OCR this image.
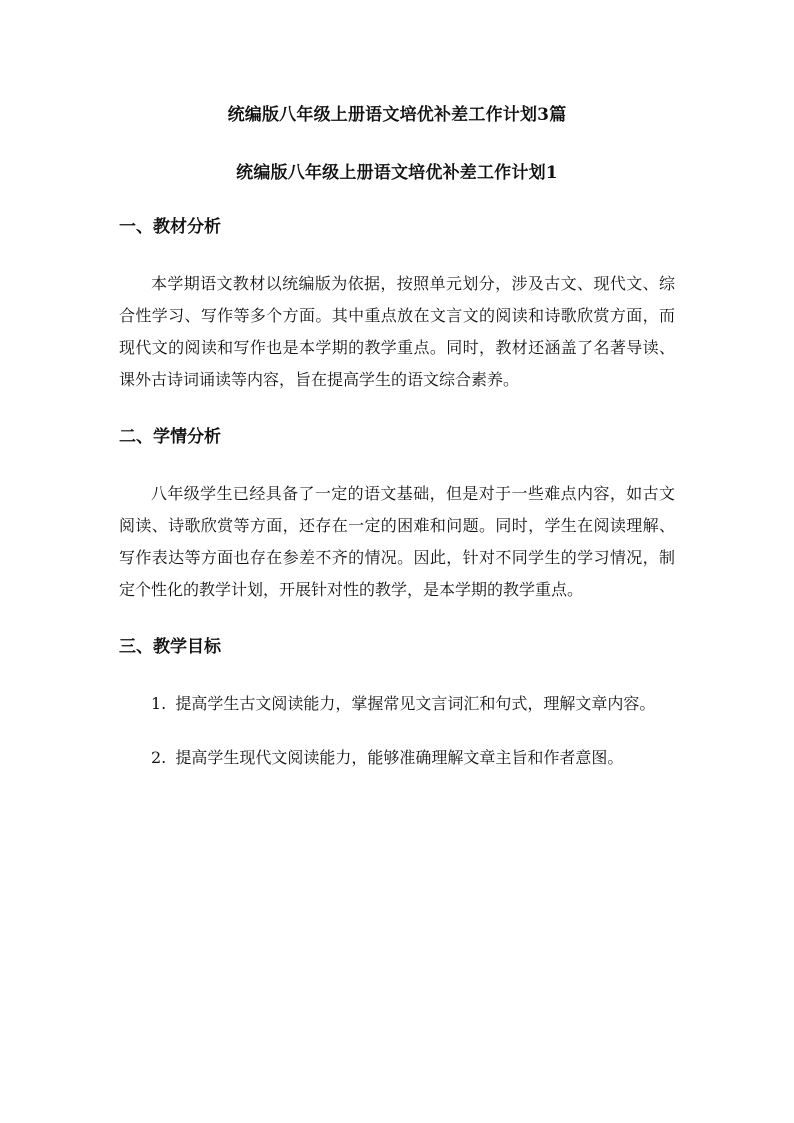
统编版八年级上册语文培优补差工作计划3篇
统编版八年级上册语文培优补差工作计划1
一、教材分析

本学期语文教材以统编版为依据，按照单元划分，涉及古文、现代文、综合性学习、写作等多个方面。其中重点放在文言文的阅读和诗歌欣赏方面，而现代文的阅读和写作也是本学期的教学重点。同时，教材还涵盖了名著导读、课外古诗词诵读等内容，旨在提高学生的语文综合素养。

二、学情分析

八年级学生已经具备了一定的语文基础，但是对于一些难点内容，如古文阅读、诗歌欣赏等方面，还存在一定的困难和问题。同时，学生在阅读理解、写作表达等方面也存在参差不齐的情况。因此，针对不同学生的学习情况，制定个性化的教学计划，开展针对性的教学，是本学期的教学重点。

三、教学目标

1. 提高学生古文阅读能力，掌握常见文言词汇和句式，理解文章内容。

2. 提高学生现代文阅读能力，能够准确理解文章主旨和作者意图。
